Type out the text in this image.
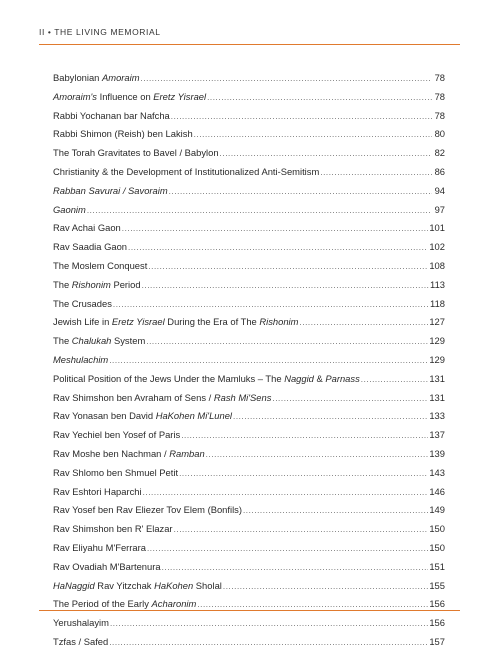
II • THE LIVING MEMORIAL
Babylonian Amoraim .....	78
Amoraim's Influence on Eretz Yisrael .....	78
Rabbi Yochanan bar Nafcha .....	78
Rabbi Shimon (Reish) ben Lakish .....	80
The Torah Gravitates to Bavel / Babylon .....	82
Christianity & the Development of Institutionalized Anti-Semitism .....	86
Rabban Savurai / Savoraim .....	94
Gaonim .....	97
Rav Achai Gaon .....	101
Rav Saadia Gaon .....	102
The Moslem Conquest .....	108
The Rishonim Period .....	113
The Crusades .....	118
Jewish Life in Eretz Yisrael During the Era of The Rishonim .....	127
The Chalukah System .....	129
Meshulachim .....	129
Political Position of the Jews Under the Mamluks – The Naggid & Parnass .....	131
Rav Shimshon ben Avraham of Sens / Rash Mi'Sens .....	131
Rav Yonasan ben David HaKohen Mi'Lunel .....	133
Rav Yechiel ben Yosef of Paris .....	137
Rav Moshe ben Nachman / Ramban .....	139
Rav Shlomo ben Shmuel Petit .....	143
Rav Eshtori Haparchi .....	146
Rav Yosef ben Rav Eliezer Tov Elem (Bonfils) .....	149
Rav Shimshon ben R' Elazar .....	150
Rav Eliyahu M'Ferrara .....	150
Rav Ovadiah M'Bartenura .....	151
HaNaggid Rav Yitzchak HaKohen Sholal .....	155
The Period of the Early Acharonim .....	156
Yerushalayim .....	156
Tzfas / Safed .....	157
